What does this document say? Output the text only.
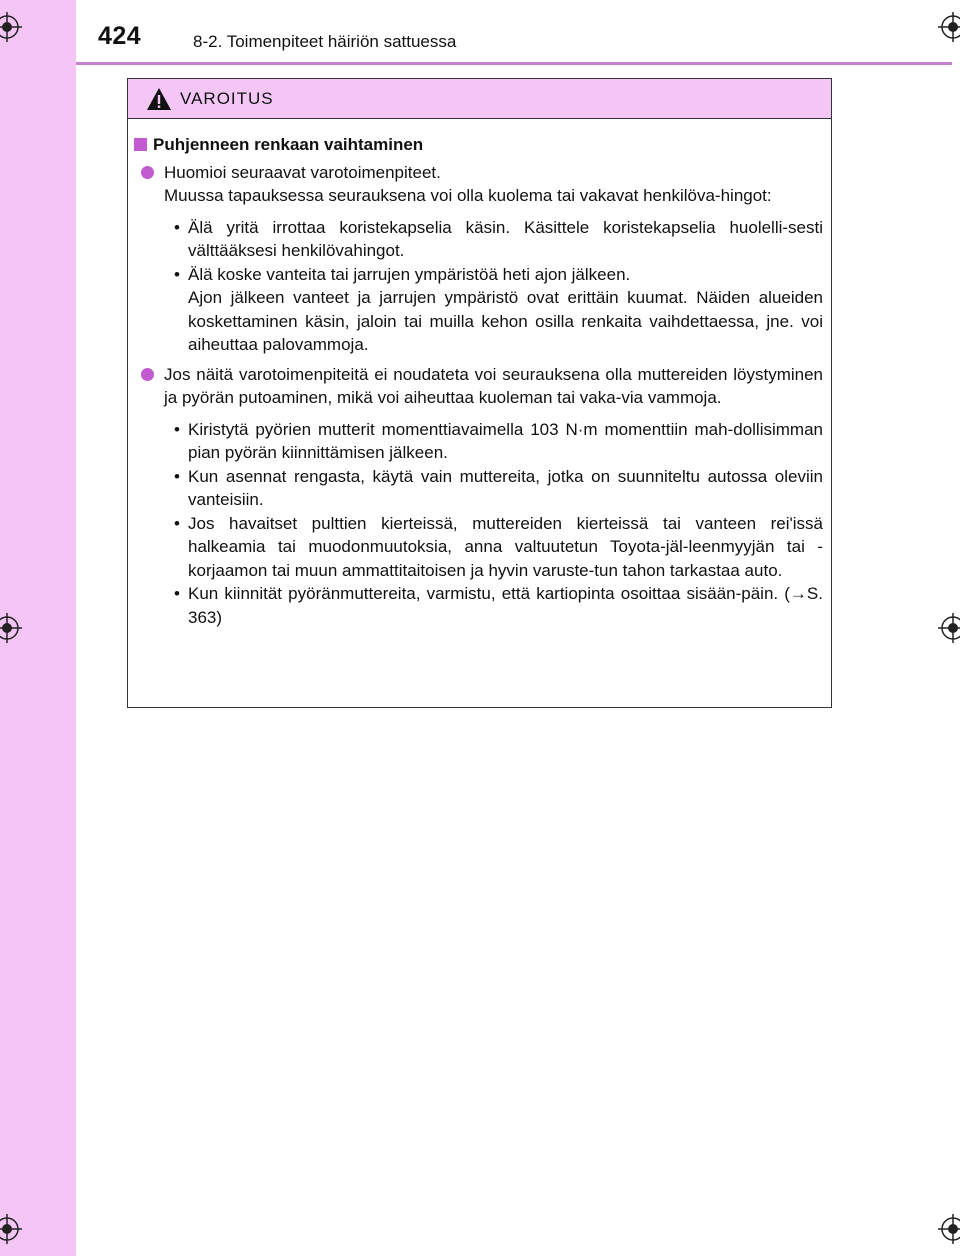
424	8-2. Toimenpiteet häiriön sattuessa
VAROITUS
Puhjenneen renkaan vaihtaminen
Huomioi seuraavat varotoimenpiteet.
Muussa tapauksessa seurauksena voi olla kuolema tai vakavat henkilöva-hingot:
• Älä yritä irrottaa koristekapselia käsin. Käsittele koristekapselia huolelli-sesti välttääksesi henkilövahingot.

• Älä koske vanteita tai jarrujen ympäristöä heti ajon jälkeen.

Ajon jälkeen vanteet ja jarrujen ympäristö ovat erittäin kuumat. Näiden alueiden koskettaminen käsin, jaloin tai muilla kehon osilla renkaita vaihdettaessa, jne. voi aiheuttaa palovammoja.

Jos näitä varotoimenpiteitä ei noudateta voi seurauksena olla muttereiden löystyminen ja pyörän putoaminen, mikä voi aiheuttaa kuoleman tai vaka-via vammoja.
• Kiristytä pyörien mutterit momenttiavaimella 103 N·m momenttiin mah-dollisimman pian pyörän kiinnittämisen jälkeen.

• Kun asennat rengasta, käytä vain muttereita, jotka on suunniteltu autossa oleviin vanteisiin.

• Jos havaitset pulttien kierteissä, muttereiden kierteissä tai vanteen rei'issä halkeamia tai muodonmuutoksia, anna valtuutetun Toyota-jäl-leenmyyjän tai -korjaamon tai muun ammattitaitoisen ja hyvin varuste-tun tahon tarkastaa auto.

• Kun kiinnität pyöränmuttereita, varmistu, että kartiopinta osoittaa sisään-päin. (→S. 363)
